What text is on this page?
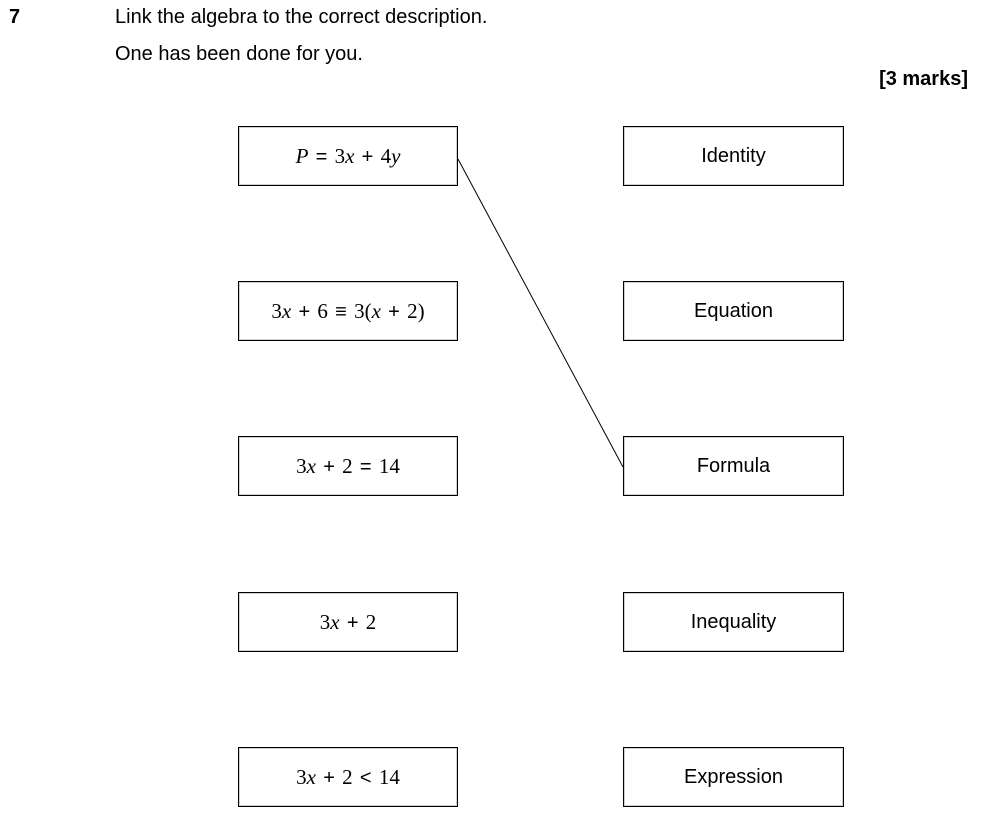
7	Link the algebra to the correct description.
One has been done for you.
[3 marks]
P = 3x + 4y
3x + 6 ≡ 3(x + 2)
3x + 2 = 14
3x + 2
3x + 2 < 14
Identity
Equation
Formula
Inequality
Expression
